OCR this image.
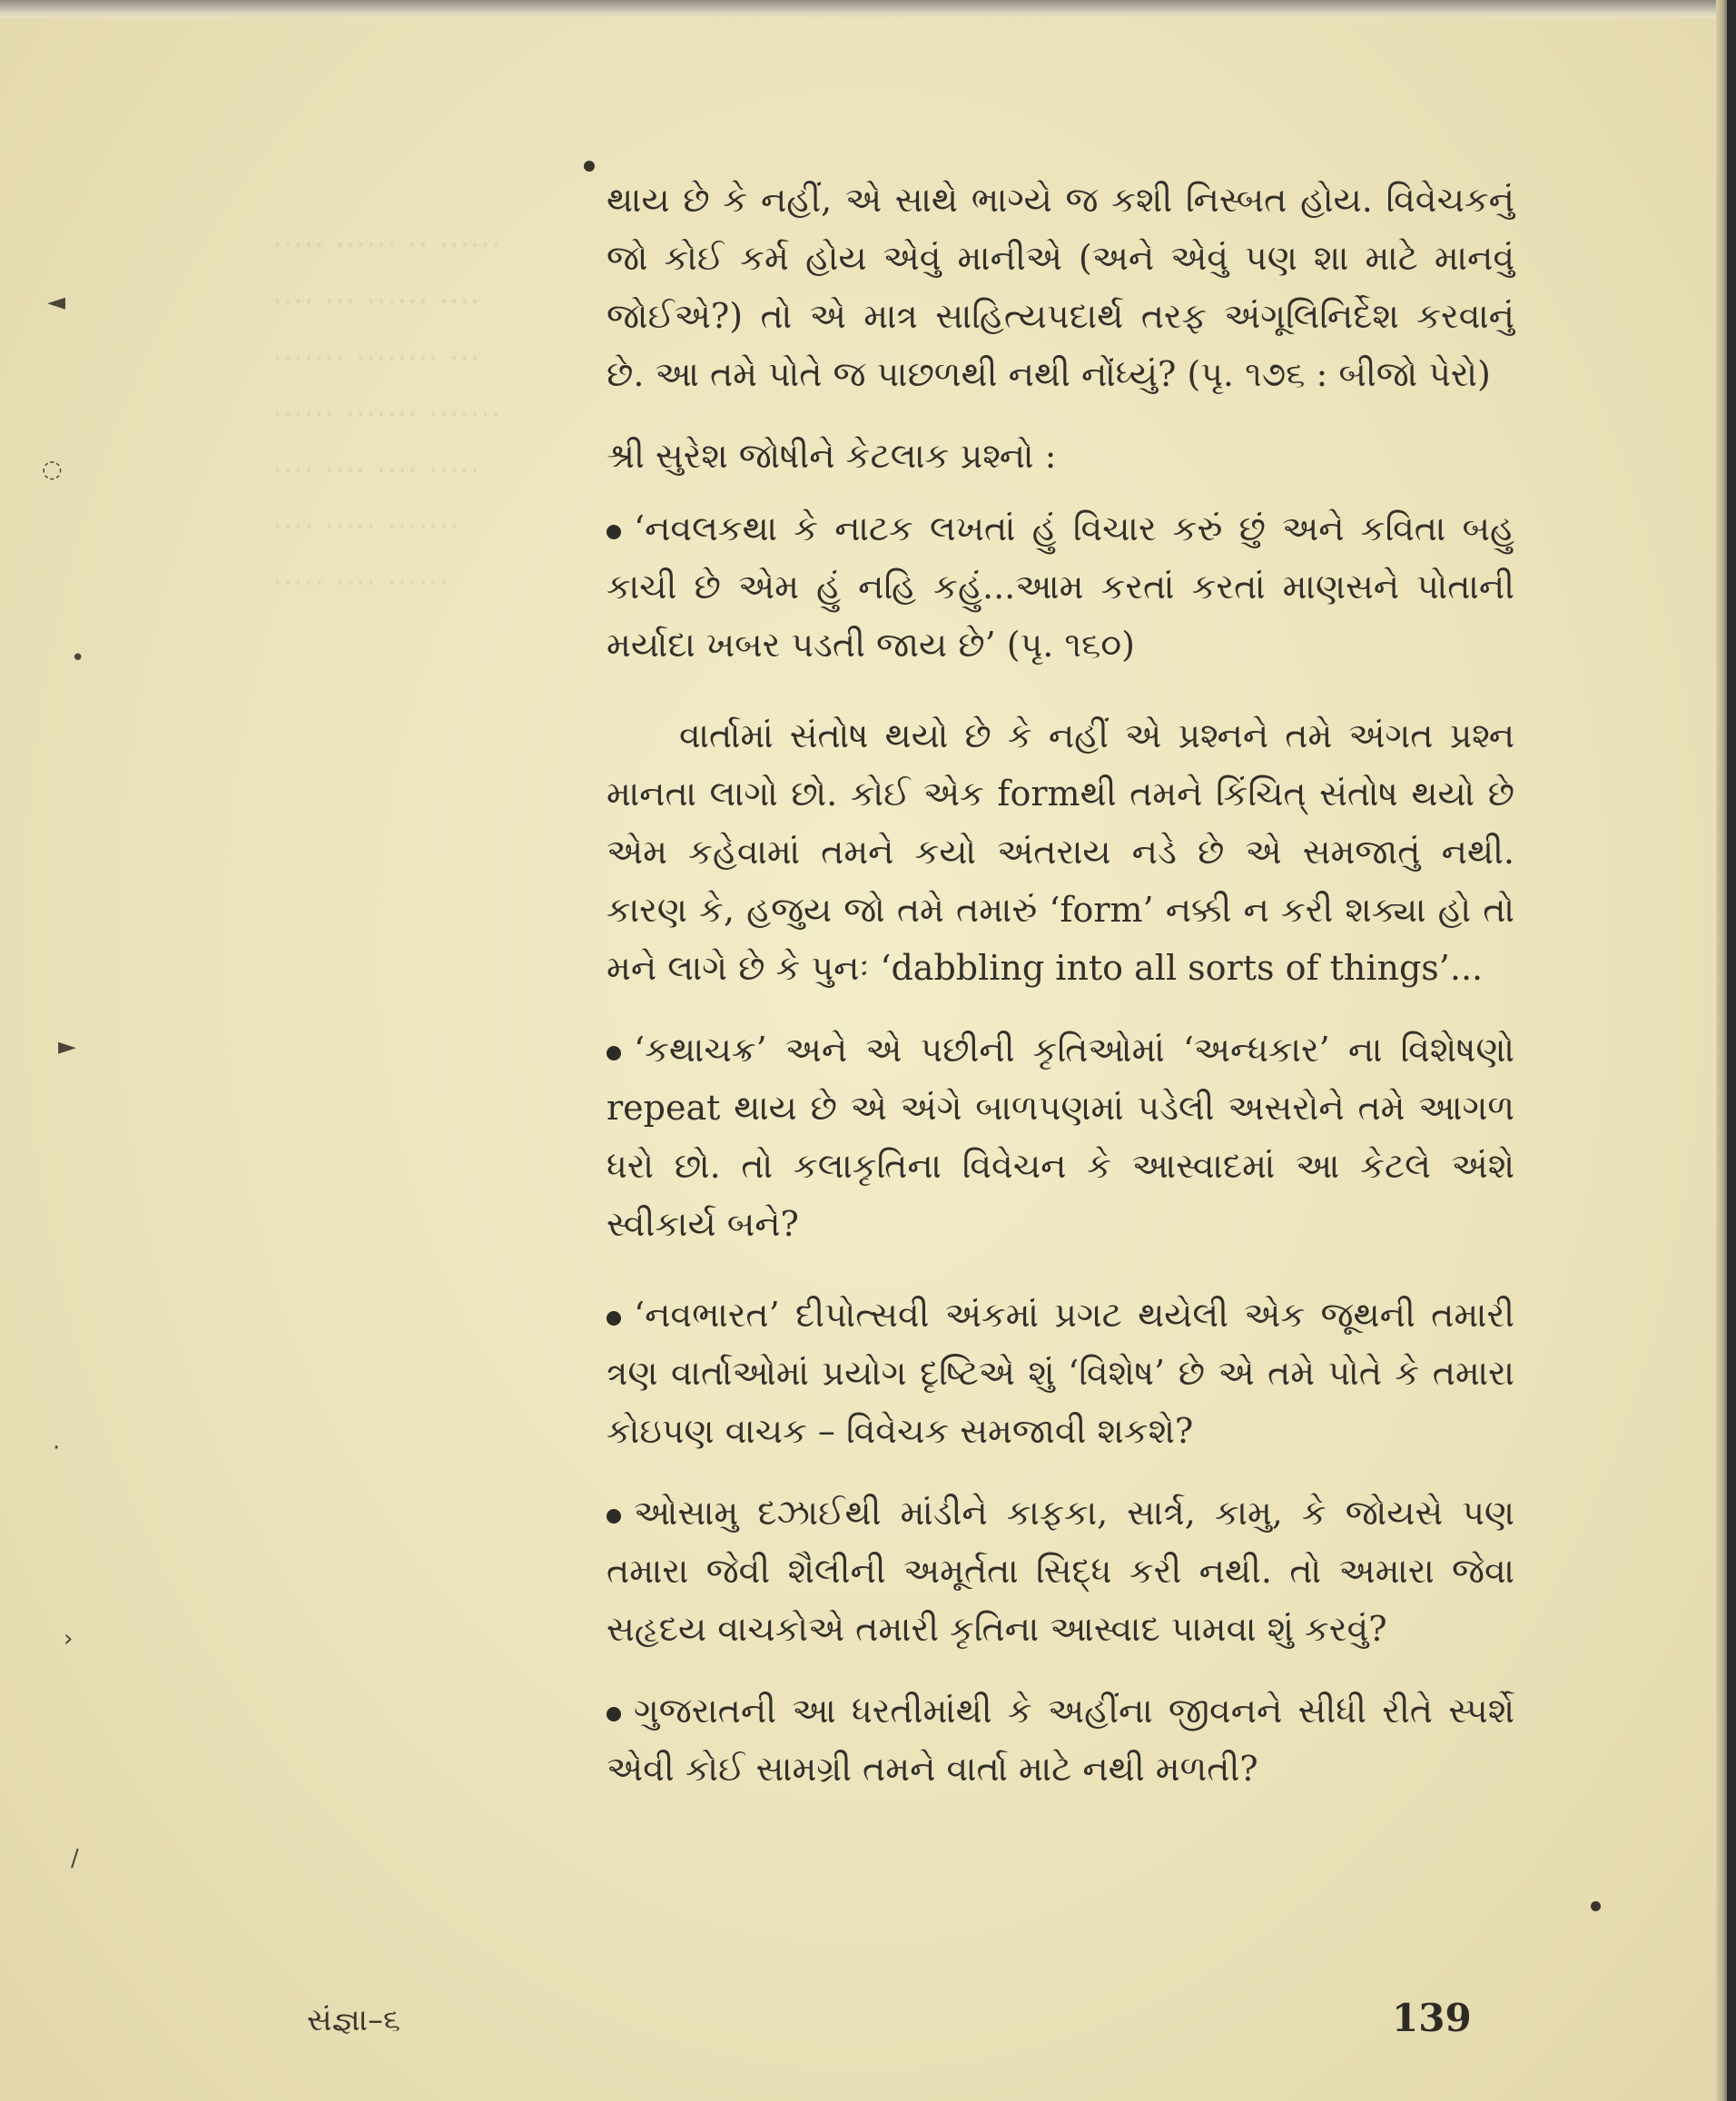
..... ...... .. ......
.... ... ...... ....
....... ........ ...
...... ....... .......
.... .... .... .....
.... ..... .......
..... .... ......
◄
◌
•
►
·
›
/

થાય છે કે નહીં, એ સાથે ભાગ્યે જ કશી નિસ્બત હોય. વિવેચકનું જો કોઈ કર્મ હોય એવું માનીએ (અને એવું પણ શા માટે માનવું જોઈએ?) તો એ માત્ર સાહિત્યપદાર્થ તરફ અંગૂલિનિર્દેશ કરવાનું છે. આ તમે પોતે જ પાછળથી નથી નોંધ્યું? (પૃ. ૧૭૬ : બીજો પેરો)

શ્રી સુરેશ જોષીને કેટલાક પ્રશ્નો :

‘નવલકથા કે નાટક લખતાં હું વિચાર કરું છું અને કવિતા બહુ કાચી છે એમ હું નહિ કહું...આમ કરતાં કરતાં માણસને પોતાની મર્યાદા ખબર પડતી જાય છે’ (પૃ. ૧૬૦)

વાર્તામાં સંતોષ થયો છે કે નહીં એ પ્રશ્નને તમે અંગત પ્રશ્ન માનતા લાગો છો. કોઈ એક formથી તમને કિંચિત્ સંતોષ થયો છે એમ કહેવામાં તમને કયો અંતરાય નડે છે એ સમજાતું નથી. કારણ કે, હજુય જો તમે તમારું ‘form’ નક્કી ન કરી શક્યા હો તો મને લાગે છે કે પુનઃ ‘dabbling into all sorts of things’...

‘કથાચક્ર’ અને એ પછીની કૃતિઓમાં ‘અન્ધકાર’ ના વિશેષણો repeat થાય છે એ અંગે બાળપણમાં પડેલી અસરોને તમે આગળ ધરો છો. તો કલાકૃતિના વિવેચન કે આસ્વાદમાં આ કેટલે અંશે સ્વીકાર્ય બને?

‘નવભારત’ દીપોત્સવી અંકમાં પ્રગટ થયેલી એક જૂથની તમારી ત્રણ વાર્તાઓમાં પ્રયોગ દૃષ્ટિએ શું ‘વિશેષ’ છે એ તમે પોતે કે તમારા કોઇપણ વાચક – વિવેચક સમજાવી શકશે?

ઓસામુ દઝાઈથી માંડીને કાફકા, સાર્ત્ર, કામુ, કે જોયસે પણ તમારા જેવી શૈલીની અમૂર્તતા સિદ્ધ કરી નથી. તો અમારા જેવા સહૃદય વાચકોએ તમારી કૃતિના આસ્વાદ પામવા શું કરવું?

ગુજરાતની આ ધરતીમાંથી કે અહીંના જીવનને સીધી રીતે સ્પર્શે એવી કોઈ સામગ્રી તમને વાર્તા માટે નથી મળતી?

સંજ્ઞા–૬	139
